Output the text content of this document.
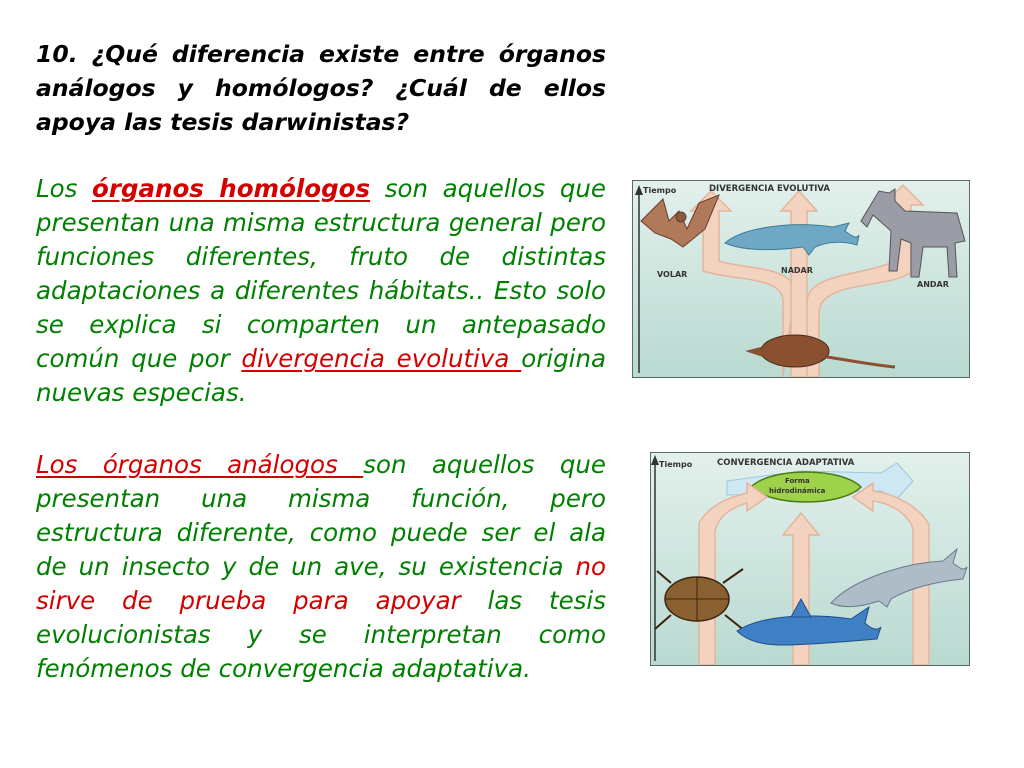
10. ¿Qué diferencia existe entre órganos análogos y homólogos? ¿Cuál de ellos apoya las tesis darwinistas?
Los órganos homólogos son aquellos que presentan una misma estructura general pero funciones diferentes, fruto de distintas adaptaciones a diferentes hábitats.. Esto solo se explica si comparten un antepasado común que por divergencia evolutiva origina nuevas especias.
Los órganos análogos son aquellos que presentan una misma función, pero estructura diferente, como puede ser el ala de un insecto y de un ave, su existencia no sirve de prueba para apoyar las tesis evolucionistas y se interpretan como fenómenos de convergencia adaptativa.
Tiempo	DIVERGENCIA EVOLUTIVA
VOLAR	NADAR
ANDAR
Tiempo	CONVERGENCIA ADAPTATIVA
Forma
hidrodinámica
